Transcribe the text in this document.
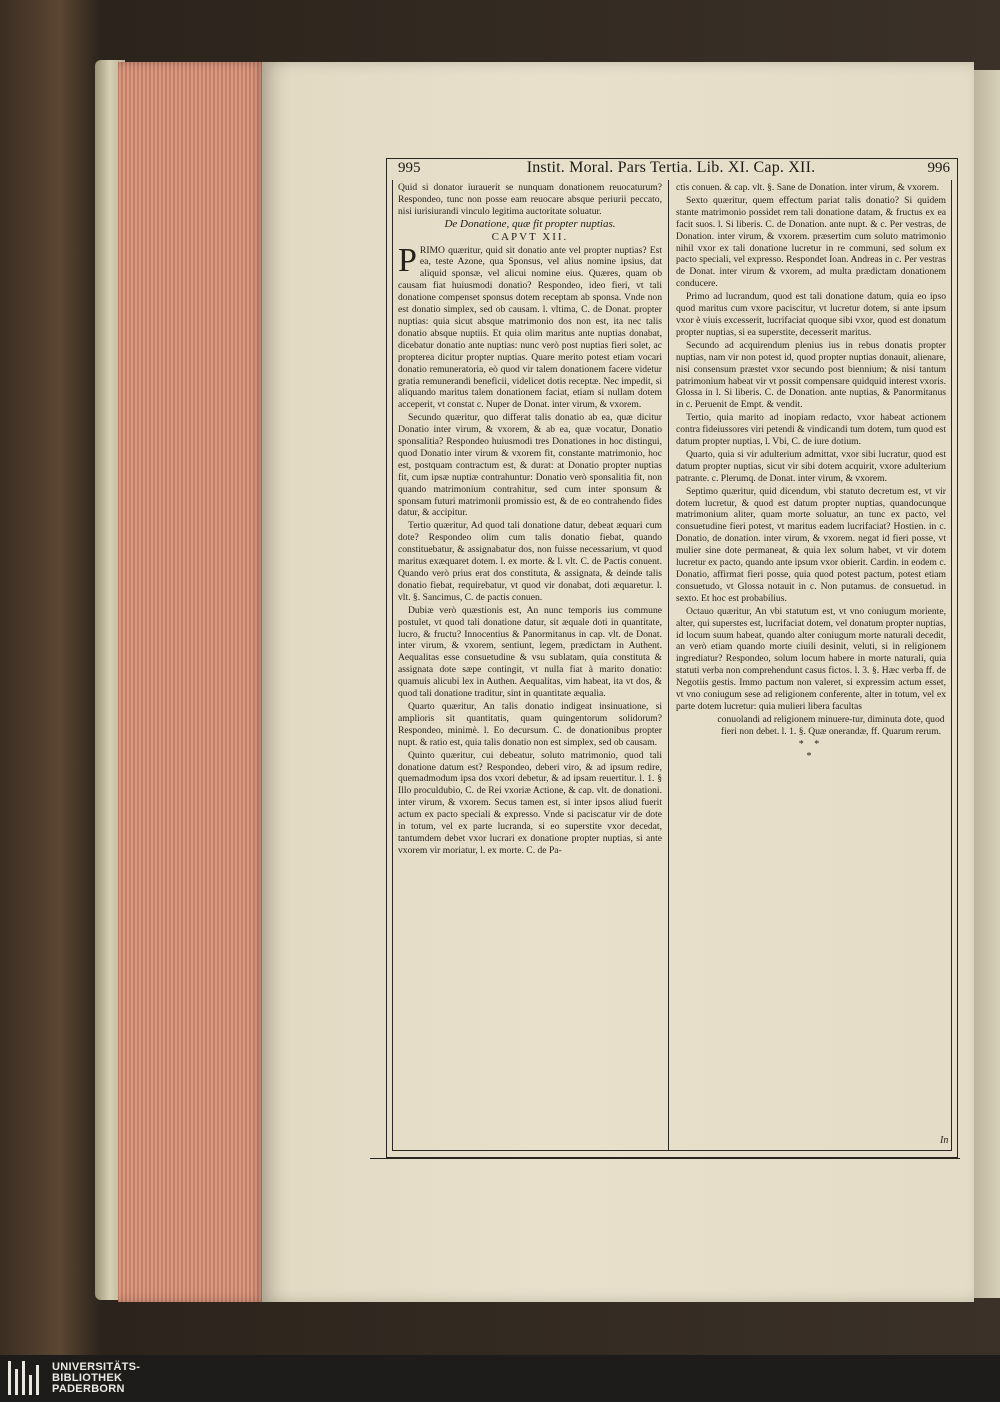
995	Instit. Moral. Pars Tertia. Lib. XI. Cap. XII.	996

Quid si donator iurauerit se nunquam donationem reuocaturum? Respondeo, tunc non posse eam reuocare absque periurii peccato, nisi iurisiurandi vinculo legitima auctoritate soluatur.

De Donatione, quæ fit propter nuptias.

CAPVT XII.

PRIMO quæritur, quid sit donatio ante vel propter nuptias? Est ea, teste Azone, qua Sponsus, vel alius nomine ipsius, dat aliquid sponsæ, vel alicui nomine eius. Quæres, quam ob causam fiat huiusmodi donatio? Respondeo, ideo fieri, vt tali donatione compenset sponsus dotem receptam ab sponsa. Vnde non est donatio simplex, sed ob causam. l. vltima, C. de Donat. propter nuptias: quia sicut absque matrimonio dos non est, ita nec talis donatio absque nuptiis. Et quia olim maritus ante nuptias donabat, dicebatur donatio ante nuptias: nunc verò post nuptias fieri solet, ac propterea dicitur propter nuptias. Quare merito potest etiam vocari donatio remuneratoria, eò quod vir talem donationem facere videtur gratia remunerandi beneficii, videlicet dotis receptæ. Nec impedit, si aliquando maritus talem donationem faciat, etiam si nullam dotem acceperit, vt constat c. Nuper de Donat. inter virum, & vxorem.

Secundo quæritur, quo differat talis donatio ab ea, quæ dicitur Donatio inter virum, & vxorem, & ab ea, quæ vocatur, Donatio sponsalitia? Respondeo huiusmodi tres Donationes in hoc distingui, quod Donatio inter virum & vxorem fit, constante matrimonio, hoc est, postquam contractum est, & durat: at Donatio propter nuptias fit, cum ipsæ nuptiæ contrahuntur: Donatio verò sponsalitia fit, non quando matrimonium contrahitur, sed cum inter sponsum & sponsam futuri matrimonii promissio est, & de eo contrahendo fides datur, & accipitur.

Tertio quæritur, Ad quod tali donatione datur, debeat æquari cum dote? Respondeo olim cum talis donatio fiebat, quando constituebatur, & assignabatur dos, non fuisse necessarium, vt quod maritus exæquaret dotem. l. ex morte. & l. vlt. C. de Pactis conuent. Quando verò prius erat dos constituta, & assignata, & deinde talis donatio fiebat, requirebatur, vt quod vir donabat, doti æquaretur. l. vlt. §. Sancimus, C. de pactis conuen.

Dubiæ verò quæstionis est, An nunc temporis ius commune postulet, vt quod tali donatione datur, sit æquale doti in quantitate, lucro, & fructu? Innocentius & Panormitanus in cap. vlt. de Donat. inter virum, & vxorem, sentiunt, legem, prædictam in Authent. Aequalitas esse consuetudine & vsu sublatam, quia constituta & assignata dote sæpe contingit, vt nulla fiat à marito donatio: quamuis alicubi lex in Authen. Aequalitas, vim habeat, ita vt dos, & quod tali donatione traditur, sint in quantitate æqualia.

Quarto quæritur, An talis donatio indigeat insinuatione, si amplioris sit quantitatis, quam quingentorum solidorum? Respondeo, minimè. l. Eo decursum. C. de donationibus propter nupt. & ratio est, quia talis donatio non est simplex, sed ob causam.

Quinto quæritur, cui debeatur, soluto matrimonio, quod tali donatione datum est? Respondeo, deberi viro, & ad ipsum redire, quemadmodum ipsa dos vxori debetur, & ad ipsam reuertitur. l. 1. § Illo proculdubio, C. de Rei vxoriæ Actione, & cap. vlt. de donationi. inter virum, & vxorem. Secus tamen est, si inter ipsos aliud fuerit actum ex pacto speciali & expresso. Vnde si paciscatur vir de dote in totum, vel ex parte lucranda, si eo superstite vxor decedat, tantumdem debet vxor lucrari ex donatione propter nuptias, si ante vxorem vir moriatur, l. ex morte. C. de Pa-

ctis conuen. & cap. vlt. §. Sane de Donation. inter virum, & vxorem.

Sexto quæritur, quem effectum pariat talis donatio? Si quidem stante matrimonio possidet rem tali donatione datam, & fructus ex ea facit suos. l. Si liberis. C. de Donation. ante nupt. & c. Per vestras, de Donation. inter virum, & vxorem. præsertim cum soluto matrimonio nihil vxor ex tali donatione lucretur in re communi, sed solum ex pacto speciali, vel expresso. Respondet Ioan. Andreas in c. Per vestras de Donat. inter virum & vxorem, ad multa prædictam donationem conducere.

Primo ad lucrandum, quod est tali donatione datum, quia eo ipso quod maritus cum vxore paciscitur, vt lucretur dotem, si ante ipsum vxor è viuis excesserit, lucrifaciat quoque sibi vxor, quod est donatum propter nuptias, si ea superstite, decesserit maritus.

Secundo ad acquirendum plenius ius in rebus donatis propter nuptias, nam vir non potest id, quod propter nuptias donauit, alienare, nisi consensum præstet vxor secundo post biennium; & nisi tantum patrimonium habeat vir vt possit compensare quidquid interest vxoris. Glossa in l. Si liberis. C. de Donation. ante nuptias, & Panormitanus in c. Peruenit de Empt. & vendit.

Tertio, quia marito ad inopiam redacto, vxor habeat actionem contra fideiussores viri petendi & vindicandi tum dotem, tum quod est datum propter nuptias, l. Vbi, C. de iure dotium.

Quarto, quia si vir adulterium admittat, vxor sibi lucratur, quod est datum propter nuptias, sicut vir sibi dotem acquirit, vxore adulterium patrante. c. Plerumq. de Donat. inter virum, & vxorem.

Septimo quæritur, quid dicendum, vbi statuto decretum est, vt vir dotem lucretur, & quod est datum propter nuptias, quandocunque matrimonium aliter, quam morte soluatur, an tunc ex pacto, vel consuetudine fieri potest, vt maritus eadem lucrifaciat? Hostien. in c. Donatio, de donation. inter virum, & vxorem. negat id fieri posse, vt mulier sine dote permaneat, & quia lex solum habet, vt vir dotem lucretur ex pacto, quando ante ipsum vxor obierit. Cardin. in eodem c. Donatio, affirmat fieri posse, quia quod potest pactum, potest etiam consuetudo, vt Glossa notauit in c. Non putamus. de consuetud. in sexto. Et hoc est probabilius.

Octauo quæritur, An vbi statutum est, vt vno coniugum moriente, alter, qui superstes est, lucrifaciat dotem, vel donatum propter nuptias, id locum suum habeat, quando alter coniugum morte naturali decedit, an verò etiam quando morte ciuili desinit, veluti, si in religionem ingrediatur? Respondeo, solum locum habere in morte naturali, quia statuti verba non comprehendunt casus fictos. l. 3. §. Hæc verba ff. de Negotiis gestis. Immo pactum non valeret, si expressim actum esset, vt vno coniugum sese ad religionem conferente, alter in totum, vel ex parte dotem lucretur: quia mulieri libera facultas

conuolandi ad religionem minuere-tur, diminuta dote, quod fieri non debet. l. 1. §. Quæ onerandæ, ff. Quarum rerum.

* *
*

In
UNIVERSITÄTS-
BIBLIOTHEK
PADERBORN
